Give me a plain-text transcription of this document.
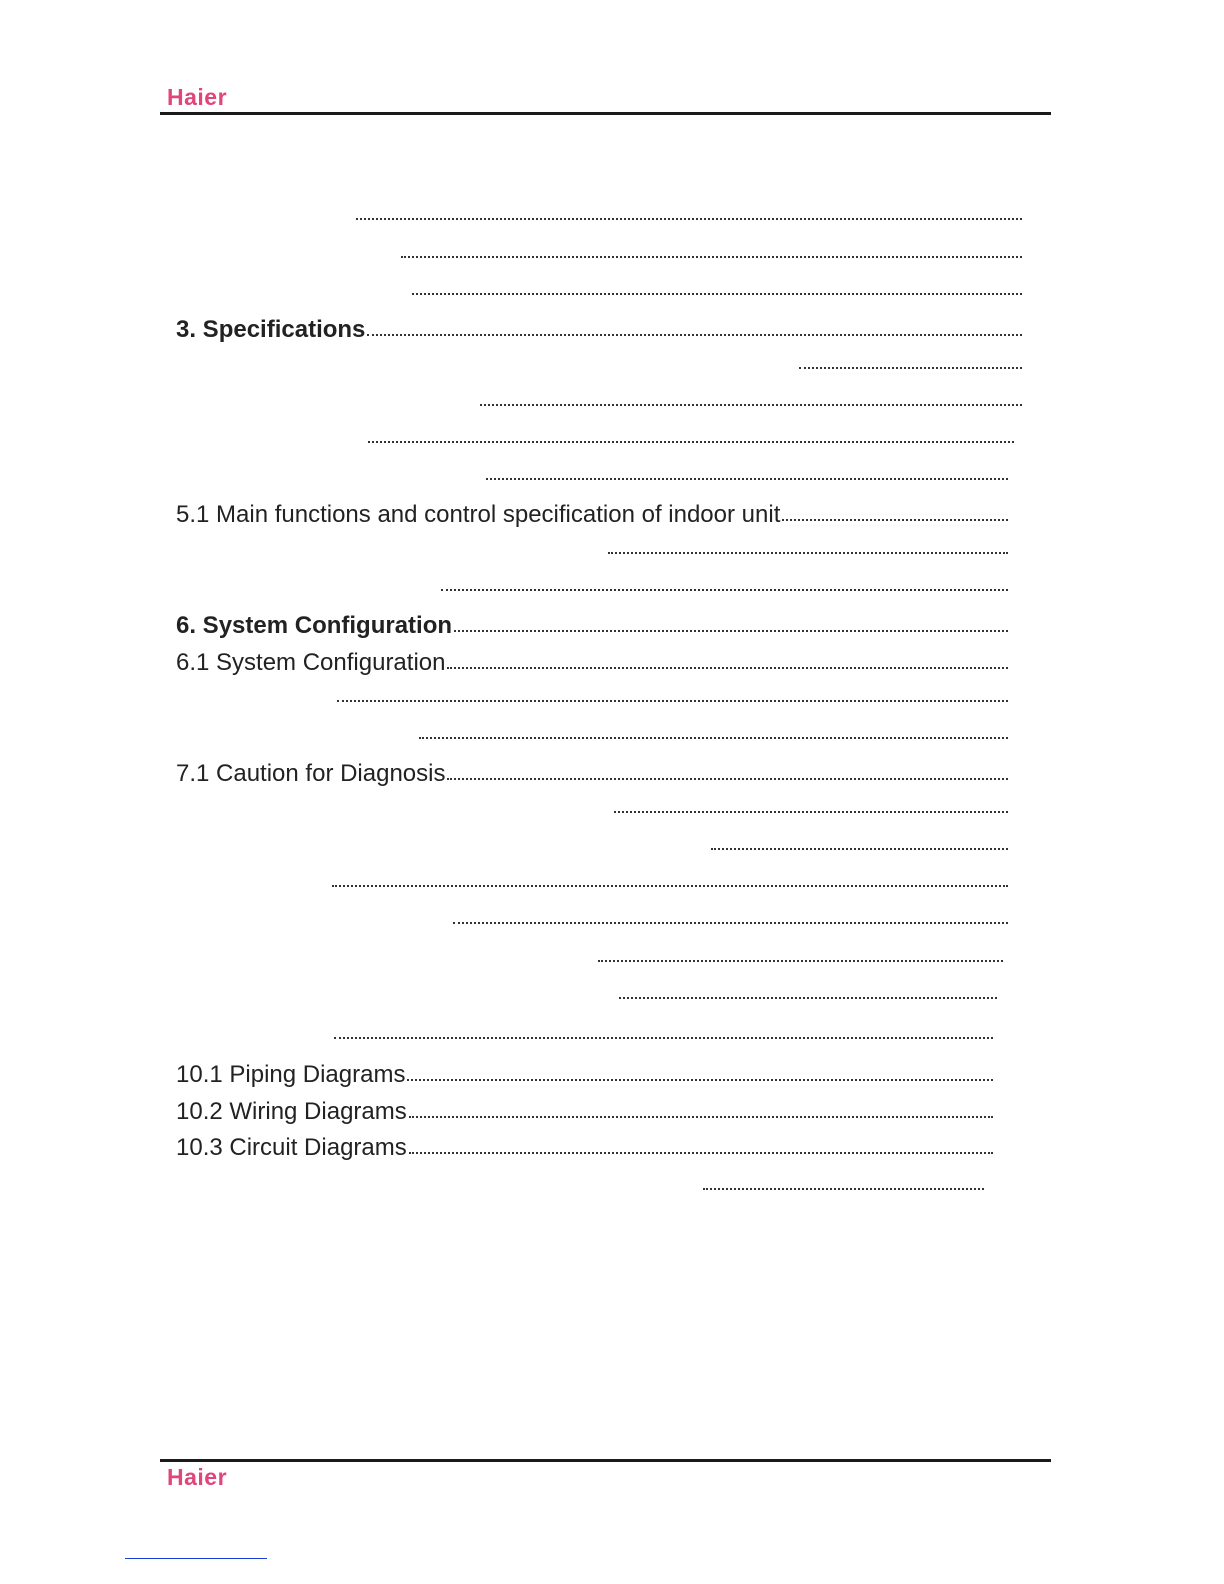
Haier
3. Specifications
5.1 Main functions and control specification of indoor unit
6. System Configuration
6.1 System Configuration
7.1 Caution for Diagnosis
10.1 Piping Diagrams
10.2 Wiring Diagrams
10.3 Circuit Diagrams
Haier
